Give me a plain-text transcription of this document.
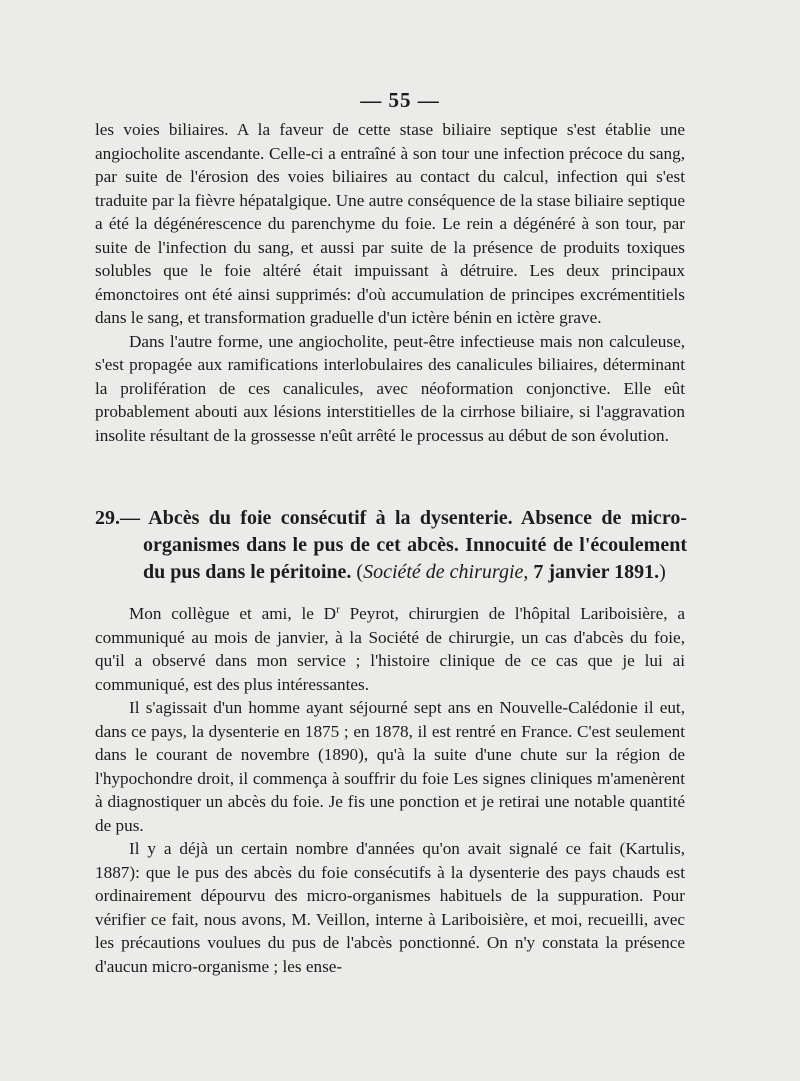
— 55 —

les voies biliaires. A la faveur de cette stase biliaire septique s'est établie une angiocholite ascendante. Celle-ci a entraîné à son tour une infection précoce du sang, par suite de l'érosion des voies biliaires au contact du calcul, infection qui s'est traduite par la fièvre hépatalgique. Une autre conséquence de la stase biliaire septique a été la dégénérescence du parenchyme du foie. Le rein a dégénéré à son tour, par suite de l'infection du sang, et aussi par suite de la présence de produits toxiques solubles que le foie altéré était impuissant à détruire. Les deux principaux émonctoires ont été ainsi supprimés: d'où accumulation de principes excrémentitiels dans le sang, et transformation graduelle d'un ictère bénin en ictère grave.

Dans l'autre forme, une angiocholite, peut-être infectieuse mais non calculeuse, s'est propagée aux ramifications interlobulaires des canalicules biliaires, déterminant la prolifération de ces canalicules, avec néoformation conjonctive. Elle eût probablement abouti aux lésions interstitielles de la cirrhose biliaire, si l'aggravation insolite résultant de la grossesse n'eût arrêté le processus au début de son évolution.

29.— Abcès du foie consécutif à la dysenterie. Absence de micro-organismes dans le pus de cet abcès. Innocuité de l'écoulement du pus dans le péritoine. (Société de chirurgie, 7 janvier 1891.)

Mon collègue et ami, le $D^r$ Peyrot, chirurgien de l'hôpital Lariboisière, a communiqué au mois de janvier, à la Société de chirurgie, un cas d'abcès du foie, qu'il a observé dans mon service ; l'histoire clinique de ce cas que je lui ai communiqué, est des plus intéressantes.

Il s'agissait d'un homme ayant séjourné sept ans en Nouvelle-Calédonie il eut, dans ce pays, la dysenterie en 1875 ; en 1878, il est rentré en France. C'est seulement dans le courant de novembre (1890), qu'à la suite d'une chute sur la région de l'hypochondre droit, il commença à souffrir du foie Les signes cliniques m'amenèrent à diagnostiquer un abcès du foie. Je fis une ponction et je retirai une notable quantité de pus.

Il y a déjà un certain nombre d'années qu'on avait signalé ce fait (Kartulis, 1887): que le pus des abcès du foie consécutifs à la dysenterie des pays chauds est ordinairement dépourvu des micro-organismes habituels de la suppuration. Pour vérifier ce fait, nous avons, M. Veillon, interne à Lariboisière, et moi, recueilli, avec les précautions voulues du pus de l'abcès ponctionné. On n'y constata la présence d'aucun micro-organisme ; les ense-
